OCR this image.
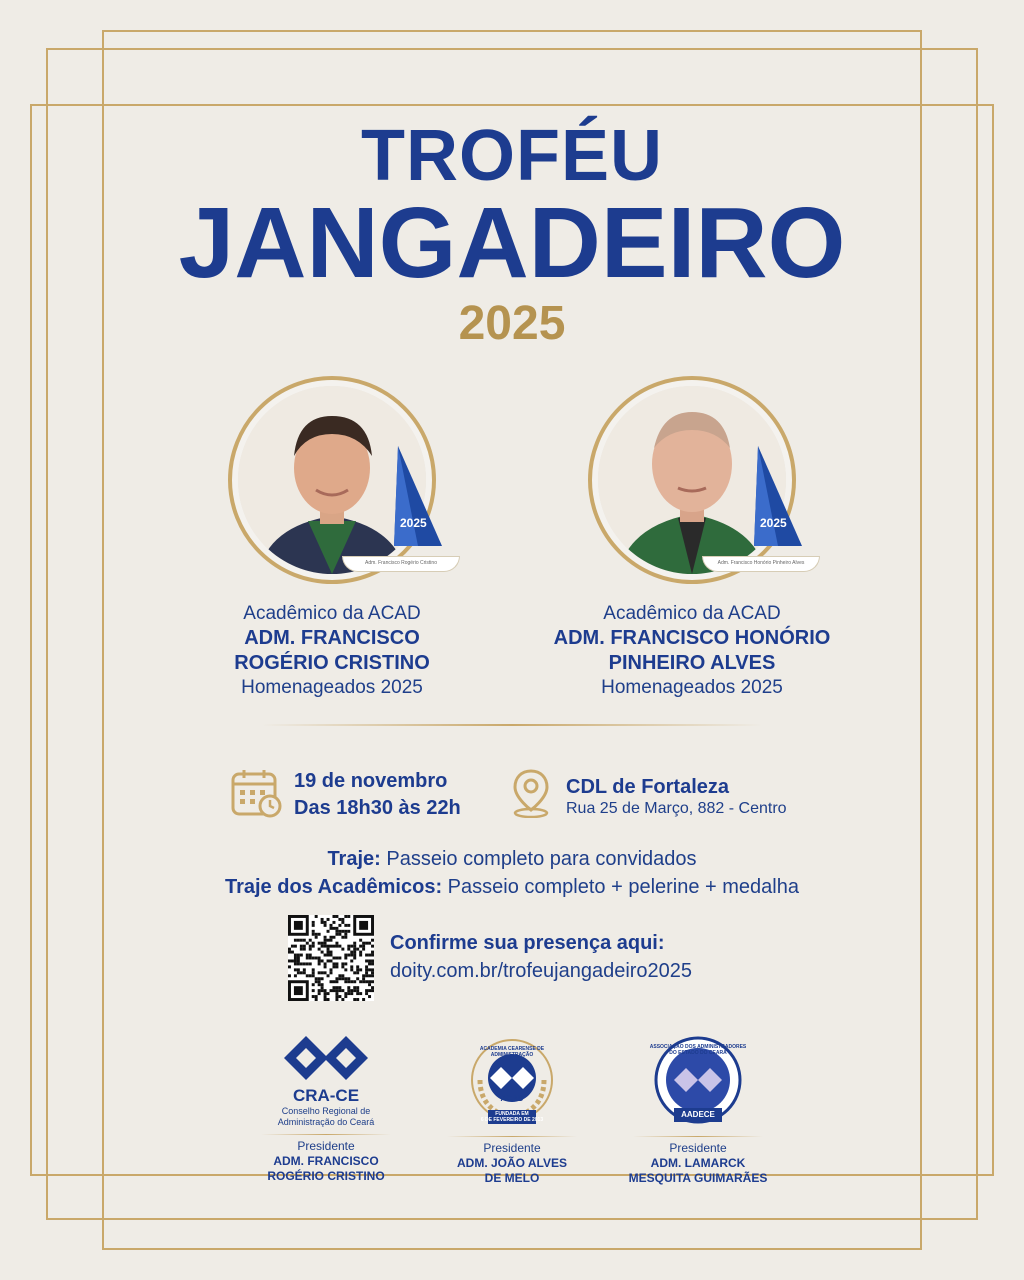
TROFÉU
JANGADEIRO
2025
2025
Adm. Francisco Rogério Cristino
Acadêmico da ACAD
ADM. FRANCISCO
ROGÉRIO CRISTINO
Homenageados 2025
2025
Adm. Francisco Honório Pinheiro Alves
Acadêmico da ACAD
ADM. FRANCISCO HONÓRIO
PINHEIRO ALVES
Homenageados 2025
19 de novembro
Das 18h30 às 22h
CDL de Fortaleza
Rua 25 de Março, 882 - Centro
Traje: Passeio completo para convidados
Traje dos Acadêmicos: Passeio completo + pelerine + medalha
Confirme sua presença aqui:
doity.com.br/trofeujangadeiro2025
CRA-CE
Conselho Regional de
Administração do Ceará
Presidente
ADM. FRANCISCO
ROGÉRIO CRISTINO
ACADEMIA CEARENSE DE ADMINISTRAÇÃO
ACAD
FUNDADA EM
6 DE FEVEREIRO DE 2013
Presidente
ADM. JOÃO ALVES
DE MELO
ASSOCIAÇÃO DOS ADMINISTRADORES DO ESTADO DO CEARÁ
AADECE
Presidente
ADM. LAMARCK
MESQUITA GUIMARÃES
